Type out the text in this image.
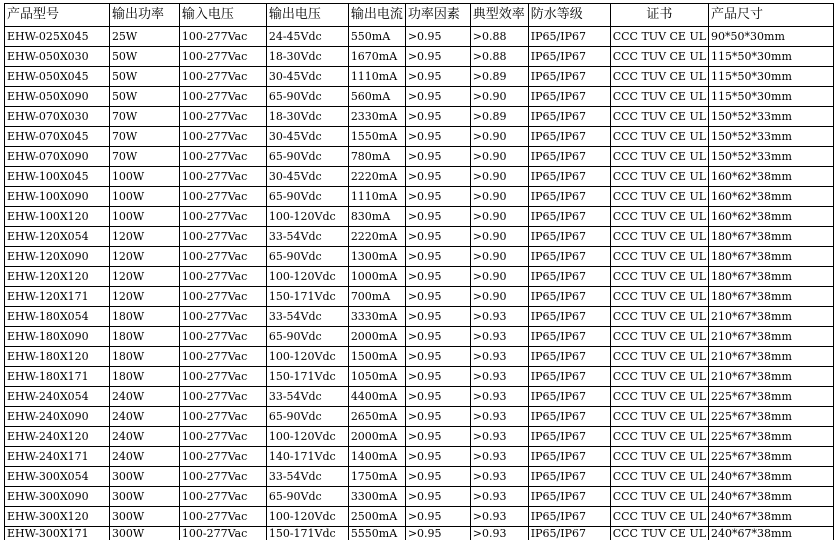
产品型号	输出功率	输入电压	输出电压	输出电流	功率因素	典型效率	防水等级	证书	产品尺寸
EHW-025X045	25W	100-277Vac	24-45Vdc	550mA	>0.95	>0.88	IP65/IP67	CCC TUV CE UL	90*50*30mm
EHW-050X030	50W	100-277Vac	18-30Vdc	1670mA	>0.95	>0.88	IP65/IP67	CCC TUV CE UL	115*50*30mm
EHW-050X045	50W	100-277Vac	30-45Vdc	1110mA	>0.95	>0.89	IP65/IP67	CCC TUV CE UL	115*50*30mm
EHW-050X090	50W	100-277Vac	65-90Vdc	560mA	>0.95	>0.90	IP65/IP67	CCC TUV CE UL	115*50*30mm
EHW-070X030	70W	100-277Vac	18-30Vdc	2330mA	>0.95	>0.89	IP65/IP67	CCC TUV CE UL	150*52*33mm
EHW-070X045	70W	100-277Vac	30-45Vdc	1550mA	>0.95	>0.90	IP65/IP67	CCC TUV CE UL	150*52*33mm
EHW-070X090	70W	100-277Vac	65-90Vdc	780mA	>0.95	>0.90	IP65/IP67	CCC TUV CE UL	150*52*33mm
EHW-100X045	100W	100-277Vac	30-45Vdc	2220mA	>0.95	>0.90	IP65/IP67	CCC TUV CE UL	160*62*38mm
EHW-100X090	100W	100-277Vac	65-90Vdc	1110mA	>0.95	>0.90	IP65/IP67	CCC TUV CE UL	160*62*38mm
EHW-100X120	100W	100-277Vac	100-120Vdc	830mA	>0.95	>0.90	IP65/IP67	CCC TUV CE UL	160*62*38mm
EHW-120X054	120W	100-277Vac	33-54Vdc	2220mA	>0.95	>0.90	IP65/IP67	CCC TUV CE UL	180*67*38mm
EHW-120X090	120W	100-277Vac	65-90Vdc	1300mA	>0.95	>0.90	IP65/IP67	CCC TUV CE UL	180*67*38mm
EHW-120X120	120W	100-277Vac	100-120Vdc	1000mA	>0.95	>0.90	IP65/IP67	CCC TUV CE UL	180*67*38mm
EHW-120X171	120W	100-277Vac	150-171Vdc	700mA	>0.95	>0.90	IP65/IP67	CCC TUV CE UL	180*67*38mm
EHW-180X054	180W	100-277Vac	33-54Vdc	3330mA	>0.95	>0.93	IP65/IP67	CCC TUV CE UL	210*67*38mm
EHW-180X090	180W	100-277Vac	65-90Vdc	2000mA	>0.95	>0.93	IP65/IP67	CCC TUV CE UL	210*67*38mm
EHW-180X120	180W	100-277Vac	100-120Vdc	1500mA	>0.95	>0.93	IP65/IP67	CCC TUV CE UL	210*67*38mm
EHW-180X171	180W	100-277Vac	150-171Vdc	1050mA	>0.95	>0.93	IP65/IP67	CCC TUV CE UL	210*67*38mm
EHW-240X054	240W	100-277Vac	33-54Vdc	4400mA	>0.95	>0.93	IP65/IP67	CCC TUV CE UL	225*67*38mm
EHW-240X090	240W	100-277Vac	65-90Vdc	2650mA	>0.95	>0.93	IP65/IP67	CCC TUV CE UL	225*67*38mm
EHW-240X120	240W	100-277Vac	100-120Vdc	2000mA	>0.95	>0.93	IP65/IP67	CCC TUV CE UL	225*67*38mm
EHW-240X171	240W	100-277Vac	140-171Vdc	1400mA	>0.95	>0.93	IP65/IP67	CCC TUV CE UL	225*67*38mm
EHW-300X054	300W	100-277Vac	33-54Vdc	1750mA	>0.95	>0.93	IP65/IP67	CCC TUV CE UL	240*67*38mm
EHW-300X090	300W	100-277Vac	65-90Vdc	3300mA	>0.95	>0.93	IP65/IP67	CCC TUV CE UL	240*67*38mm
EHW-300X120	300W	100-277Vac	100-120Vdc	2500mA	>0.95	>0.93	IP65/IP67	CCC TUV CE UL	240*67*38mm
EHW-300X171	300W	100-277Vac	150-171Vdc	5550mA	>0.95	>0.93	IP65/IP67	CCC TUV CE UL	240*67*38mm
